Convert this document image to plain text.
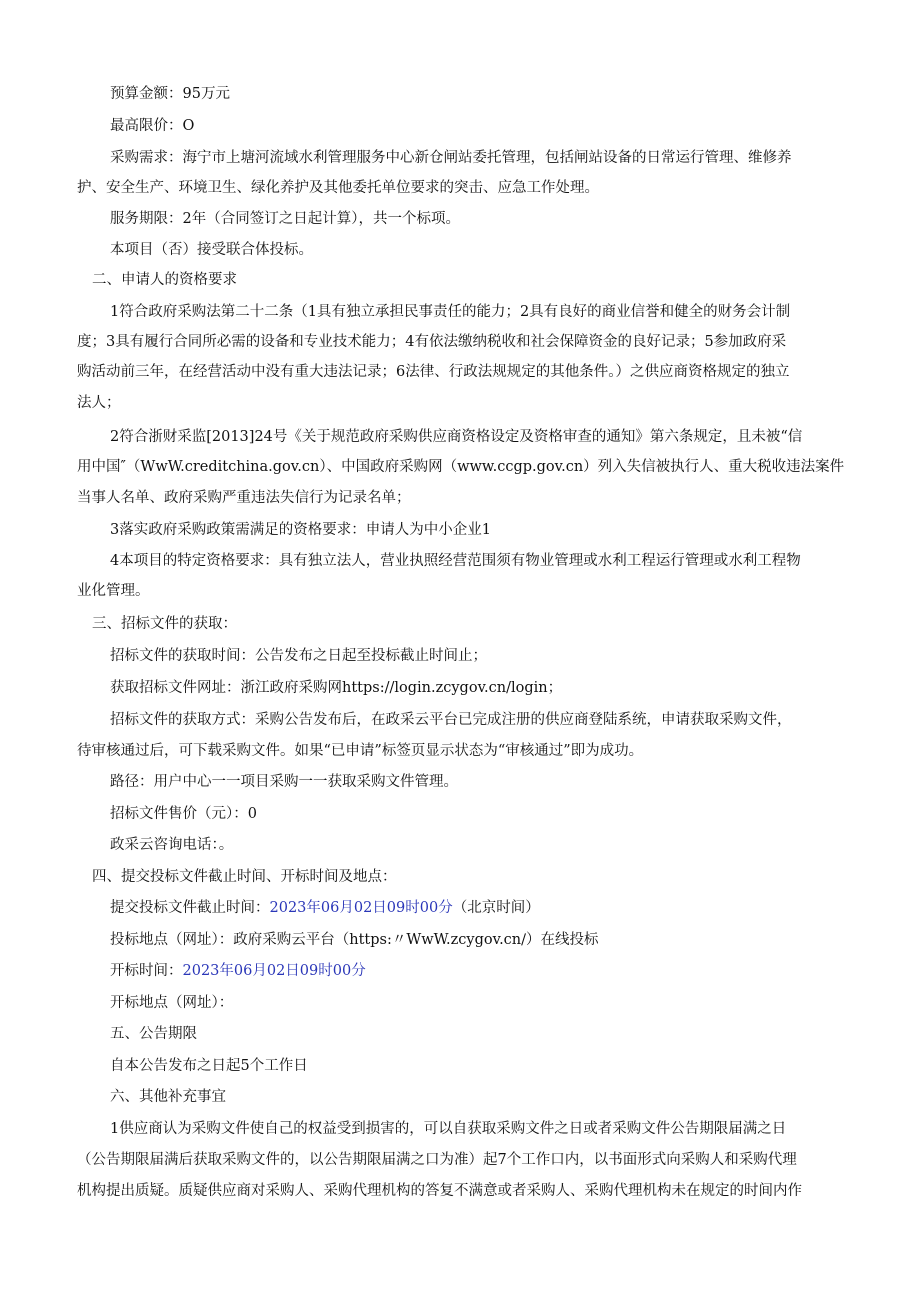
预算金额：95万元
最高限价：O
采购需求：海宁市上塘河流域水利管理服务中心新仓闸站委托管理，包括闸站设备的日常运行管理、维修养
护、安全生产、环境卫生、绿化养护及其他委托单位要求的突击、应急工作处理。
服务期限：2年（合同签订之日起计算），共一个标项。
本项目（否）接受联合体投标。
二、申请人的资格要求
1符合政府采购法第二十二条（1具有独立承担民事责任的能力；2具有良好的商业信誉和健全的财务会计制
度；3具有履行合同所必需的设备和专业技术能力；4有依法缴纳税收和社会保障资金的良好记录；5参加政府采
购活动前三年，在经营活动中没有重大违法记录；6法律、行政法规规定的其他条件。）之供应商资格规定的独立
法人；
2符合浙财采监[2013]24号《关于规范政府采购供应商资格设定及资格审查的通知》第六条规定，且未被“信
用中国″（WwW.creditchina.gov.cn）、中国政府采购网（www.ccgp.gov.cn）列入失信被执行人、重大税收违法案件
当事人名单、政府采购严重违法失信行为记录名单；
3落实政府采购政策需满足的资格要求：申请人为中小企业1
4本项目的特定资格要求：具有独立法人，营业执照经营范围须有物业管理或水利工程运行管理或水利工程物
业化管理。
三、招标文件的获取：
招标文件的获取时间：公告发布之日起至投标截止时间止；
获取招标文件网址：浙江政府采购网https://login.zcygov.cn/login；
招标文件的获取方式：采购公告发布后，在政采云平台已完成注册的供应商登陆系统，申请获取采购文件，
待审核通过后，可下载采购文件。如果“已申请”标签页显示状态为“审核通过”即为成功。
路径：用户中心一一项目采购一一获取采购文件管理。
招标文件售价（元）：0
政采云咨询电话：。
四、提交投标文件截止时间、开标时间及地点：
提交投标文件截止时间：2023年06月02日09时00分（北京时间）
投标地点（网址）：政府采购云平台（https:〃WwW.zcygov.cn∕）在线投标
开标时间：2023年06月02日09时00分
开标地点（网址）：
五、公告期限
自本公告发布之日起5个工作日
六、其他补充事宜
1供应商认为采购文件使自己的权益受到损害的，可以自获取采购文件之日或者采购文件公告期限届满之日
（公告期限届满后获取采购文件的，以公告期限届满之口为准）起7个工作口内，以书面形式向采购人和采购代理
机构提出质疑。质疑供应商对采购人、采购代理机构的答复不满意或者采购人、采购代理机构未在规定的时间内作
